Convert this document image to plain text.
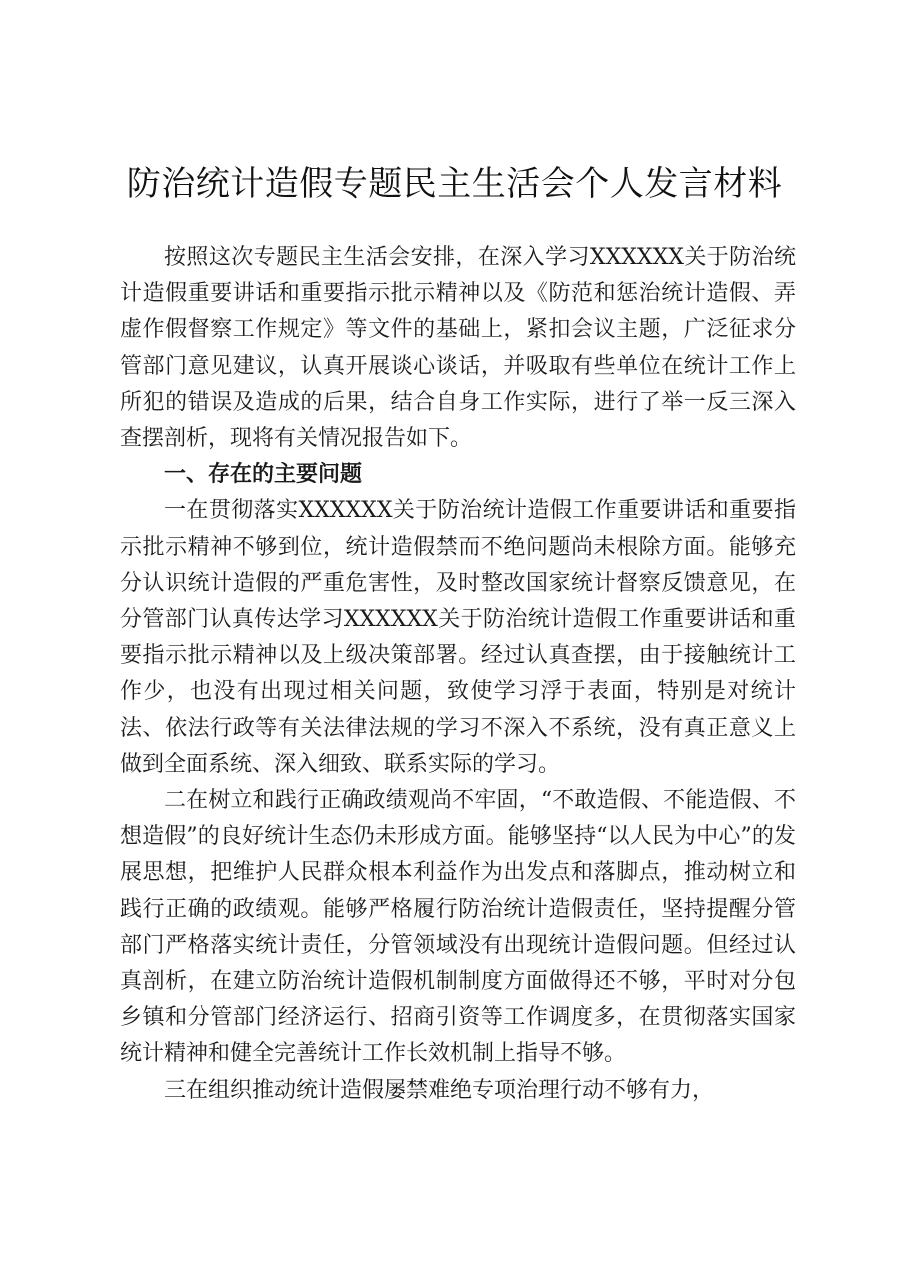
防治统计造假专题民主生活会个人发言材料

按照这次专题民主生活会安排，在深入学习XXXXXX关于防治统计造假重要讲话和重要指示批示精神以及《防范和惩治统计造假、弄虚作假督察工作规定》等文件的基础上，紧扣会议主题，广泛征求分管部门意见建议，认真开展谈心谈话，并吸取有些单位在统计工作上所犯的错误及造成的后果，结合自身工作实际，进行了举一反三深入查摆剖析，现将有关情况报告如下。

一、存在的主要问题

一在贯彻落实XXXXXX关于防治统计造假工作重要讲话和重要指示批示精神不够到位，统计造假禁而不绝问题尚未根除方面。能够充分认识统计造假的严重危害性，及时整改国家统计督察反馈意见，在分管部门认真传达学习XXXXXX关于防治统计造假工作重要讲话和重要指示批示精神以及上级决策部署。经过认真查摆，由于接触统计工作少，也没有出现过相关问题，致使学习浮于表面，特别是对统计法、依法行政等有关法律法规的学习不深入不系统，没有真正意义上做到全面系统、深入细致、联系实际的学习。

二在树立和践行正确政绩观尚不牢固，“不敢造假、不能造假、不想造假”的良好统计生态仍未形成方面。能够坚持“以人民为中心”的发展思想，把维护人民群众根本利益作为出发点和落脚点，推动树立和践行正确的政绩观。能够严格履行防治统计造假责任，坚持提醒分管部门严格落实统计责任，分管领域没有出现统计造假问题。但经过认真剖析，在建立防治统计造假机制制度方面做得还不够，平时对分包乡镇和分管部门经济运行、招商引资等工作调度多，在贯彻落实国家统计精神和健全完善统计工作长效机制上指导不够。

三在组织推动统计造假屡禁难绝专项治理行动不够有力，
